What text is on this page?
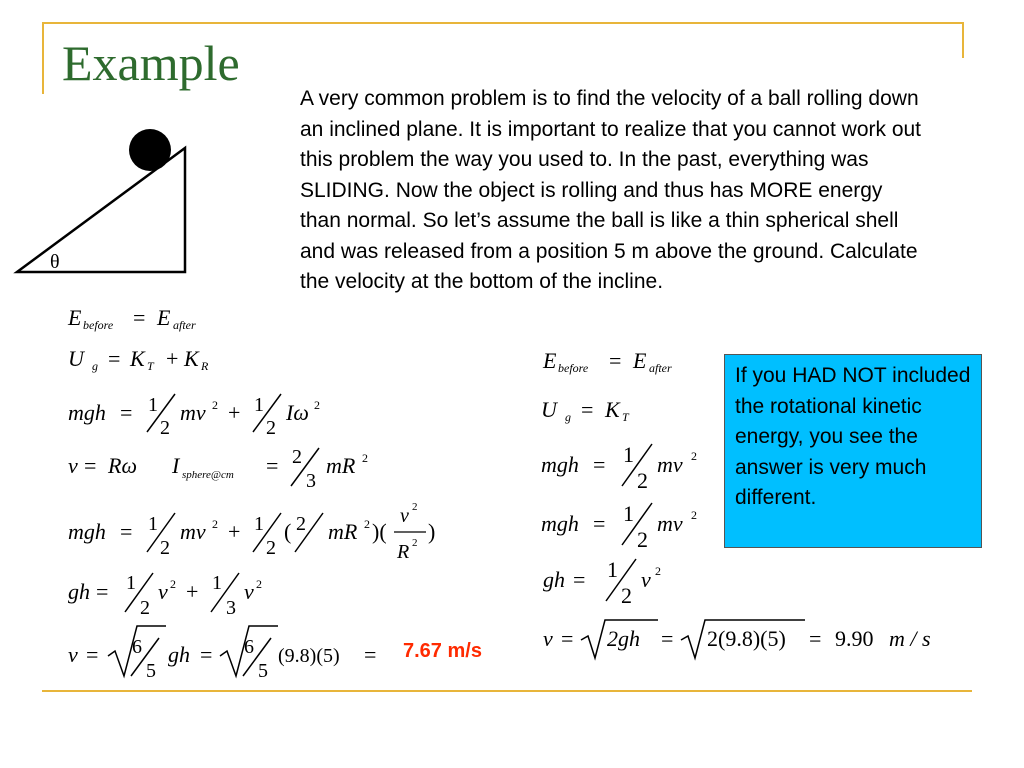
Example

A very common problem is to find the velocity of a ball rolling down an inclined plane. It is important to realize that you cannot work out this problem the way you used to. In the past, everything was SLIDING. Now the object is rolling and thus has MORE energy than normal. So let’s assume the ball is like a thin spherical shell and was released from a position 5 m above the ground. Calculate the velocity at the bottom of the incline.

θ
E before = E after
U g = K T + K R
mgh = 1
2
mv 2 + 1
2
Iω 2
v = Rω I sphere@cm = 2
3
mR 2
mgh = 1
2
mv 2 + 1
2
( 2 mR 2 )(
v 2
R 2 )
gh = 1
2
v 2 + 1
3
v 2
v = 6
5
gh = 6
5
(9.8)(5) = 7.67 m/s
E before = E after
U g = K T
mgh = 1
2
mv 2
mgh = 1
2
mv 2
gh = 1
2
v 2
v = 2gh = 2(9.8)(5) = 9.90 m / s
If you HAD NOT included the rotational kinetic energy, you see the answer is very much different.
